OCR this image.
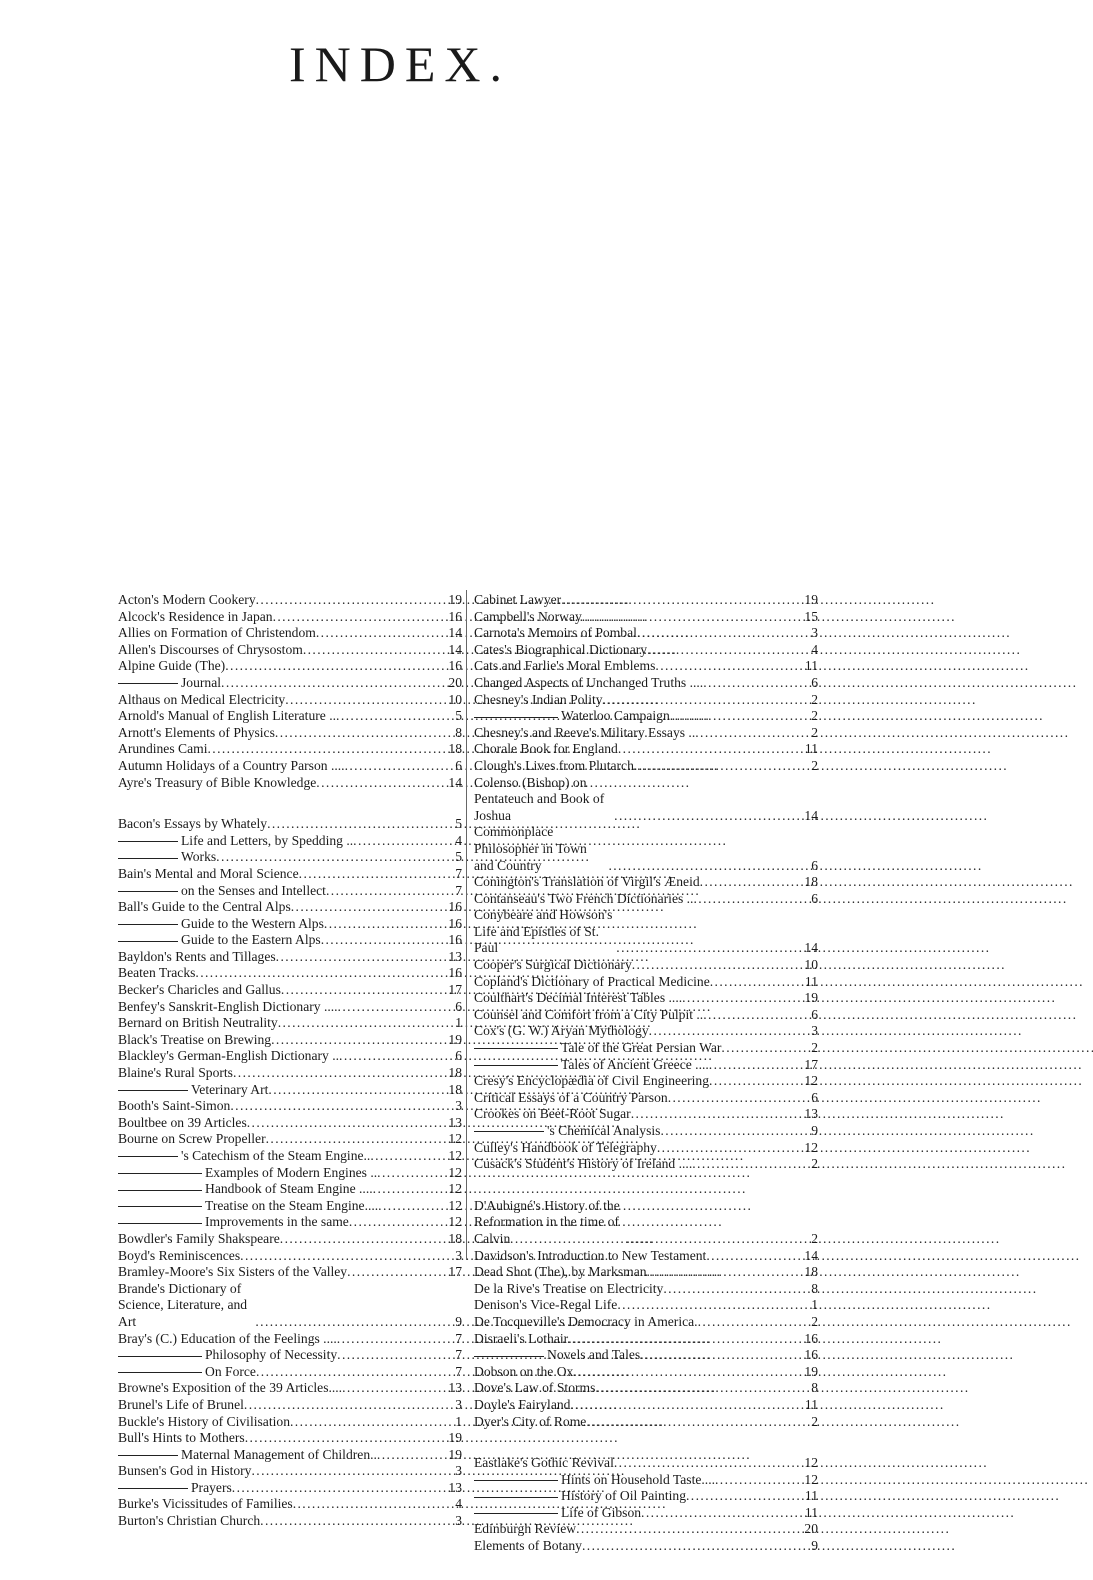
INDEX.
Acton's Modern Cookery . . .	19
Alcock's Residence in Japan . . .	16
Allies on Formation of Christendom . . .	14
Allen's Discourses of Chrysostom . . .	14
Alpine Guide (The) . . .	16
Journal . . .	20
Althaus on Medical Electricity . . .	10
Arnold's Manual of English Literature .. . . .	5
Arnott's Elements of Physics . . .	8
Arundines Cami . . .	18
Autumn Holidays of a Country Parson .... . . .	6
Ayre's Treasury of Bible Knowledge . . .	14
Bacon's Essays by Whately . . .	5
Life and Letters, by Spedding .. . . .	4
Works . . .	5
Bain's Mental and Moral Science . . .	7
on the Senses and Intellect . . .	7
Ball's Guide to the Central Alps . . .	16
Guide to the Western Alps . . .	16
Guide to the Eastern Alps . . .	16
Bayldon's Rents and Tillages . . .	13
Beaten Tracks . . .	16
Becker's Charicles and Gallus . . .	17
Benfey's Sanskrit-English Dictionary .... . . .	6
Bernard on British Neutrality . . .	1
Black's Treatise on Brewing . . .	19
Blackley's German-English Dictionary .. . . .	6
Blaine's Rural Sports . . .	18
Veterinary Art . . .	18
Booth's Saint-Simon . . .	3
Boultbee on 39 Articles . . .	13
Bourne on Screw Propeller . . .	12
's Catechism of the Steam Engine.. . . .	12
Examples of Modern Engines .. . . .	12
Handbook of Steam Engine .... . . .	12
Treatise on the Steam Engine.... . . .	12
Improvements in the same . . .	12
Bowdler's Family Shakspeare . . .	18
Boyd's Reminiscences . . .	3
Bramley-Moore's Six Sisters of the Valley . . .	17
Brande's Dictionary of Science, Literature, and Art . . .	9
Bray's (C.) Education of the Feelings .... . . .	7
Philosophy of Necessity . . .	7
On Force . . .	7
Browne's Exposition of the 39 Articles.... . . .	13
Brunel's Life of Brunel . . .	3
Buckle's History of Civilisation . . .	1
Bull's Hints to Mothers . . .	19
Maternal Management of Children.. . . .	19
Bunsen's God in History . . .	3
Prayers . . .	13
Burke's Vicissitudes of Families . . .	4
Burton's Christian Church . . .	3
Cabinet Lawyer . . .	19
Campbell's Norway . . .	15
Carnota's Memoirs of Pombal . . .	3
Cates's Biographical Dictionary . . .	4
Cats and Farlie's Moral Emblems . . .	11
Changed Aspects of Unchanged Truths .... . . .	6
Chesney's Indian Polity . . .	2
Waterloo Campaign . . .	2
Chesney's and Reeve's Military Essays .. . . .	2
Chorale Book for England . . .	11
Clough's Lives from Plutarch . . .	2
Colenso (Bishop) on Pentateuch and Book of Joshua . . .	14
Commonplace Philosopher in Town and Country . . .	6
Conington's Translation of Virgil's Æneid . . .	18
Contanseau's Two French Dictionaries .. . . .	6
Conybeare and Howson's Life and Epistles of St. Paul . . .	14
Cooper's Surgical Dictionary . . .	10
Copland's Dictionary of Practical Medicine . . .	11
Coulthart's Decimal Interest Tables .... . . .	19
Counsel and Comfort from a City Pulpit .. . . .	6
Cox's (G. W.) Aryan Mythology . . .	3
Tale of the Great Persian War . . .	2
Tales of Ancient Greece .... . . .	17
Cresy's Encyclopædia of Civil Engineering . . .	12
Critical Essays of a Country Parson . . .	6
Crookes on Beet-Root Sugar . . .	13
's Chemical Analysis . . .	9
Culley's Handbook of Telegraphy . . .	12
Cusack's Student's History of Ireland .... . . .	2
D'Aubigné's History of the Reformation in the time of Calvin . . .	2
Davidson's Introduction to New Testament . . .	14
Dead Shot (The), by Marksman . . .	18
De la Rive's Treatise on Electricity . . .	8
Denison's Vice-Regal Life . . .	1
De Tocqueville's Democracy in America. . . .	2
Disraeli's Lothair . . .	16
Novels and Tales . . .	16
Dobson on the Ox . . .	19
Dove's Law of Storms . . .	8
Doyle's Fairyland . . .	11
Dyer's City of Rome . . .	2
Eastlake's Gothic Revival . . .	12
Hints on Household Taste.... . . .	12
History of Oil Painting . . .	11
Life of Gibson . . .	11
Edinburgh Review . . .	20
Elements of Botany . . .	9
